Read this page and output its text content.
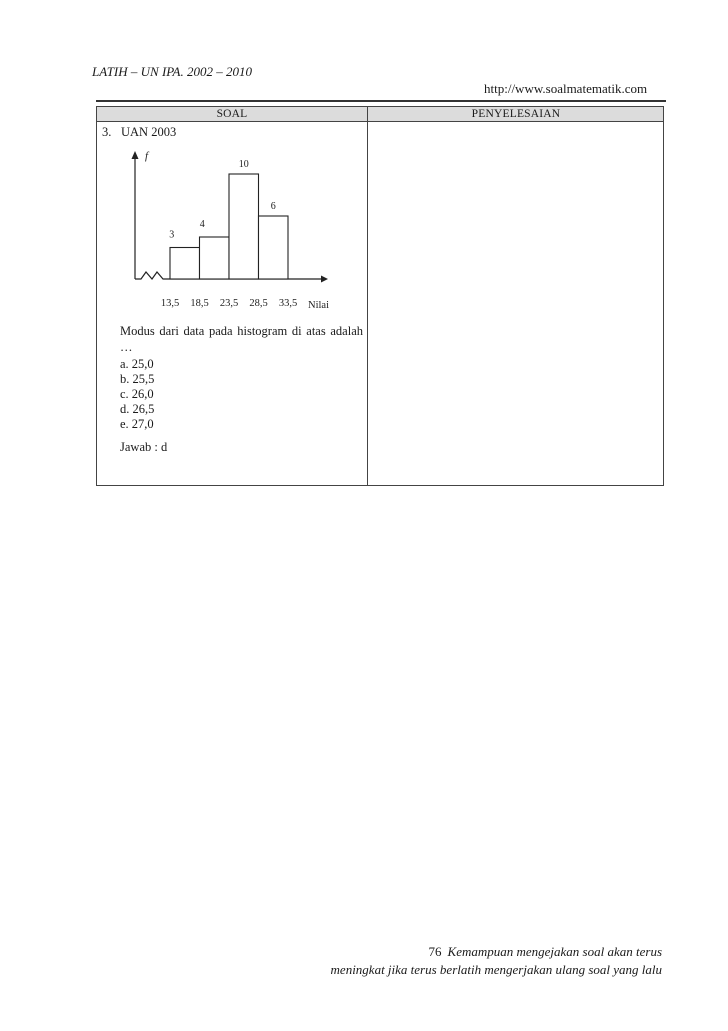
LATIH – UN IPA. 2002 – 2010
http://www.soalmatematik.com
SOAL	PENYELESAIAN
3. UAN 2003
f
Nilai
3
4
10
6
13,5 18,5 23,5 28,5 33,5
Modus dari data pada histogram di atas adalah …
a. 25,0
b. 25,5
c. 26,0
d. 26,5
e. 27,0
Jawab : d
76 Kemampuan mengejakan soal akan terus
meningkat jika terus berlatih mengerjakan ulang soal yang lalu
